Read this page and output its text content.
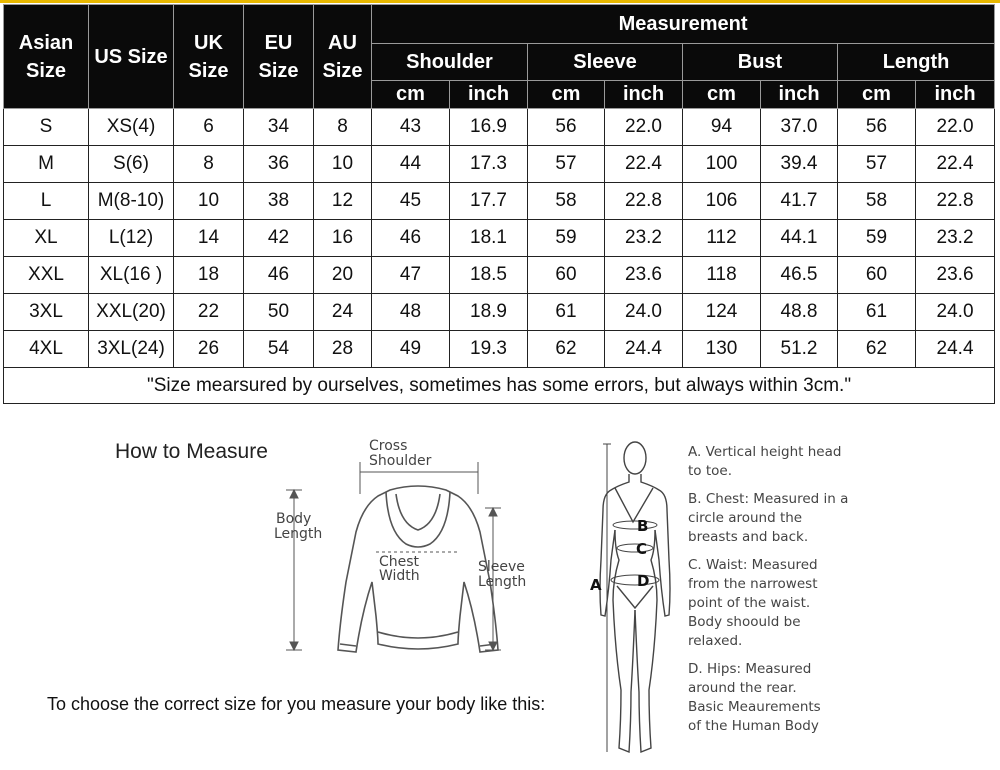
Asian Size	US Size	UK Size	EU Size	AU Size	Measurement							
					Shoulder		Sleeve		Bust		Length	
					cm	inch	cm	inch	cm	inch	cm	inch
S	XS(4)	6	34	8	43	16.9	56	22.0	94	37.0	56	22.0
M	S(6)	8	36	10	44	17.3	57	22.4	100	39.4	57	22.4
L	M(8-10)	10	38	12	45	17.7	58	22.8	106	41.7	58	22.8
XL	L(12)	14	42	16	46	18.1	59	23.2	112	44.1	59	23.2
XXL	XL(16 )	18	46	20	47	18.5	60	23.6	118	46.5	60	23.6
3XL	XXL(20)	22	50	24	48	18.9	61	24.0	124	48.8	61	24.0
4XL	3XL(24)	26	54	28	49	19.3	62	24.4	130	51.2	62	24.4
"Size mearsured by ourselves, sometimes has some errors, but always within 3cm."												
How to Measure	Cross
Shoulder
Body
Length
Chest
Width
Sleeve
Length
To choose the correct size for you measure your body like this:
A
B
C
D

A. Vertical height head
to toe.

B. Chest: Measured in a
circle around the
breasts and back.

C. Waist: Measured
from the narrowest
point of the waist.
Body shoould be
relaxed.

D. Hips: Measured
around the rear.
Basic Meaurements
of the Human Body
